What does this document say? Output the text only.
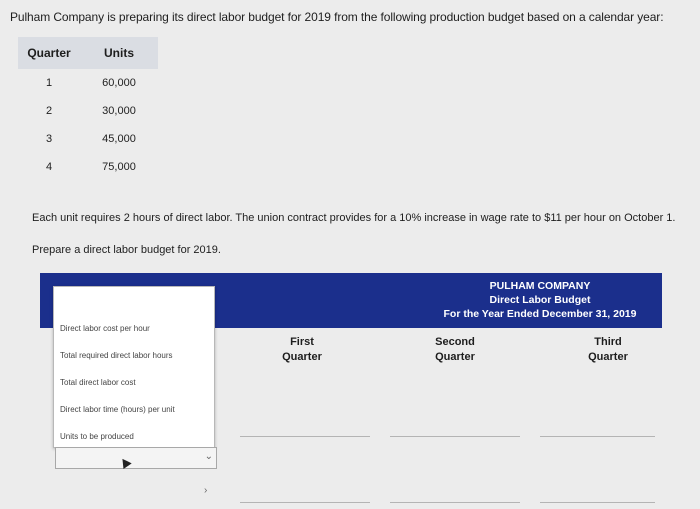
Pulham Company is preparing its direct labor budget for 2019 from the following production budget based on a calendar year:
Quarter	Units
1	60,000
2	30,000
3	45,000
4	75,000
Each unit requires 2 hours of direct labor. The union contract provides for a 10% increase in wage rate to $11 per hour on October 1.
Prepare a direct labor budget for 2019.
PULHAM COMPANY
Direct Labor Budget
For the Year Ended December 31, 2019
First
Quarter
Second
Quarter
Third
Quarter
Direct labor cost per hour
Total required direct labor hours
Total direct labor cost
Direct labor time (hours) per unit
Units to be produced
⌄
›
